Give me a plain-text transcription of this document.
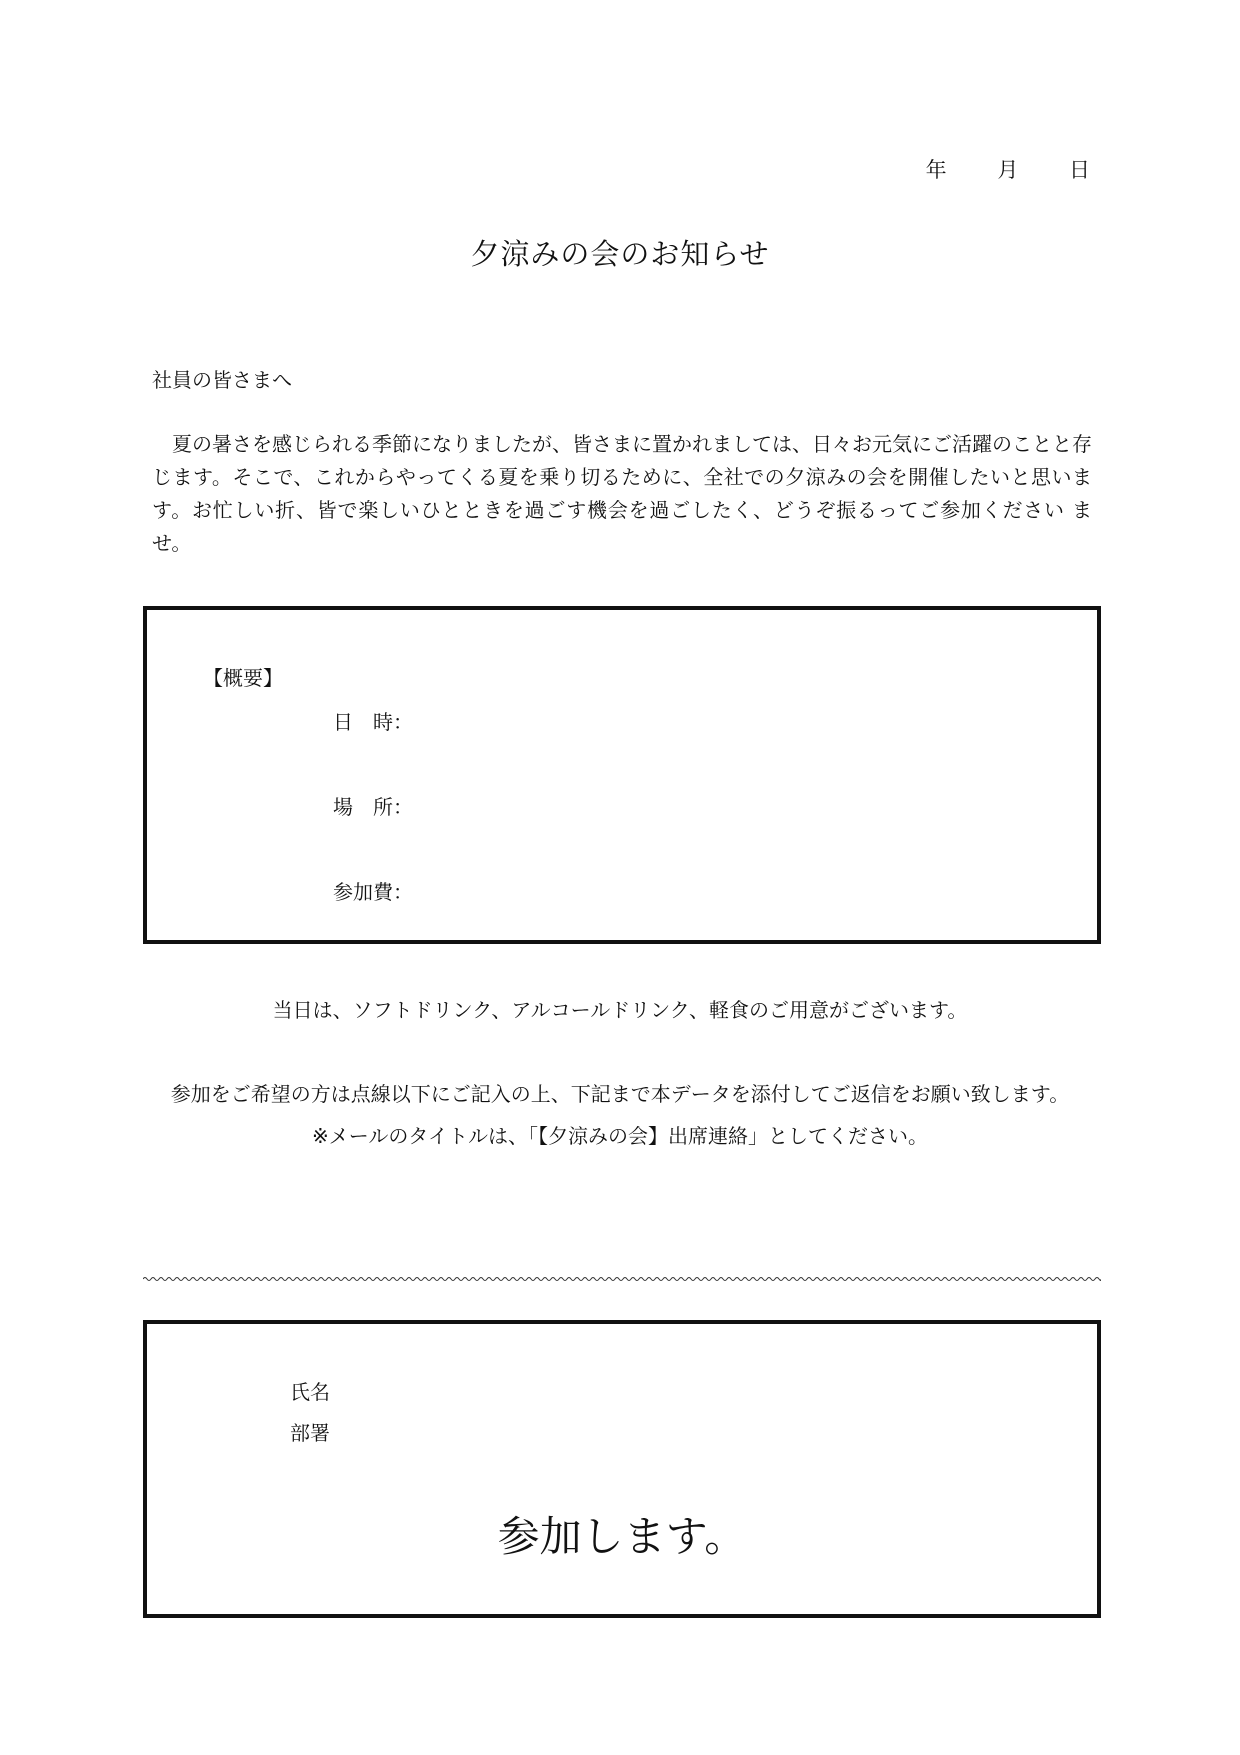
年 月 日
夕涼みの会のお知らせ
社員の皆さまへ
夏の暑さを感じられる季節になりましたが、皆さまに置かれましては、日々お元気にご活躍のことと存じます。そこで、これからやってくる夏を乗り切るために、全社での夕涼みの会を開催したいと思います。お忙しい折、皆で楽しいひとときを過ごす機会を過ごしたく、どうぞ振るってご参加ください ませ。
【概要】
日　時：
場　所：
参加費：
当日は、ソフトドリンク、アルコールドリンク、軽食のご用意がございます。
参加をご希望の方は点線以下にご記入の上、下記まで本データを添付してご返信をお願い致します。
※メールのタイトルは、「【夕涼みの会】出席連絡」としてください。
氏名
部署
参加します。
